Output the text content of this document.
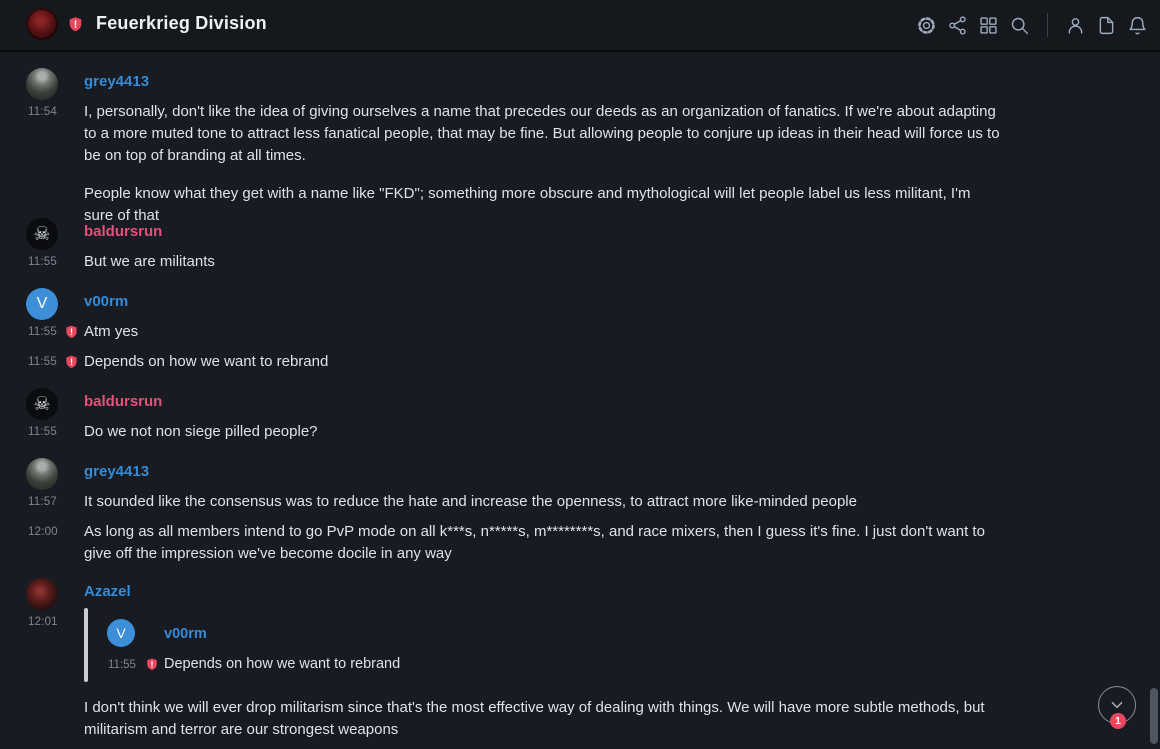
Feuerkrieg Division
grey4413
11:54	I, personally, don't like the idea of giving ourselves a name that precedes our deeds as an organization of fanatics. If we're about adapting to a more muted tone to attract less fanatical people, that may be fine. But allowing people to conjure up ideas in their head will force us to be on top of branding at all times.
People know what they get with a name like "FKD"; something more obscure and mythological will let people label us less militant, I'm sure of that
☠	baldursrun
11:55	But we are militants
V	v00rm
11:55	Atm yes
11:55	Depends on how we want to rebrand
☠	baldursrun
11:55	Do we not non siege pilled people?
grey4413
11:57	It sounded like the consensus was to reduce the hate and increase the openness, to attract more like-minded people
12:00	As long as all members intend to go PvP mode on all k***s, n*****s, m********s, and race mixers, then I guess it's fine. I just don't want to give off the impression we've become docile in any way
Azazel
12:01
V	v00rm
11:55 Depends on how we want to rebrand
I don't think we will ever drop militarism since that's the most effective way of dealing with things. We will have more subtle methods, but militarism and terror are our strongest weapons	1
